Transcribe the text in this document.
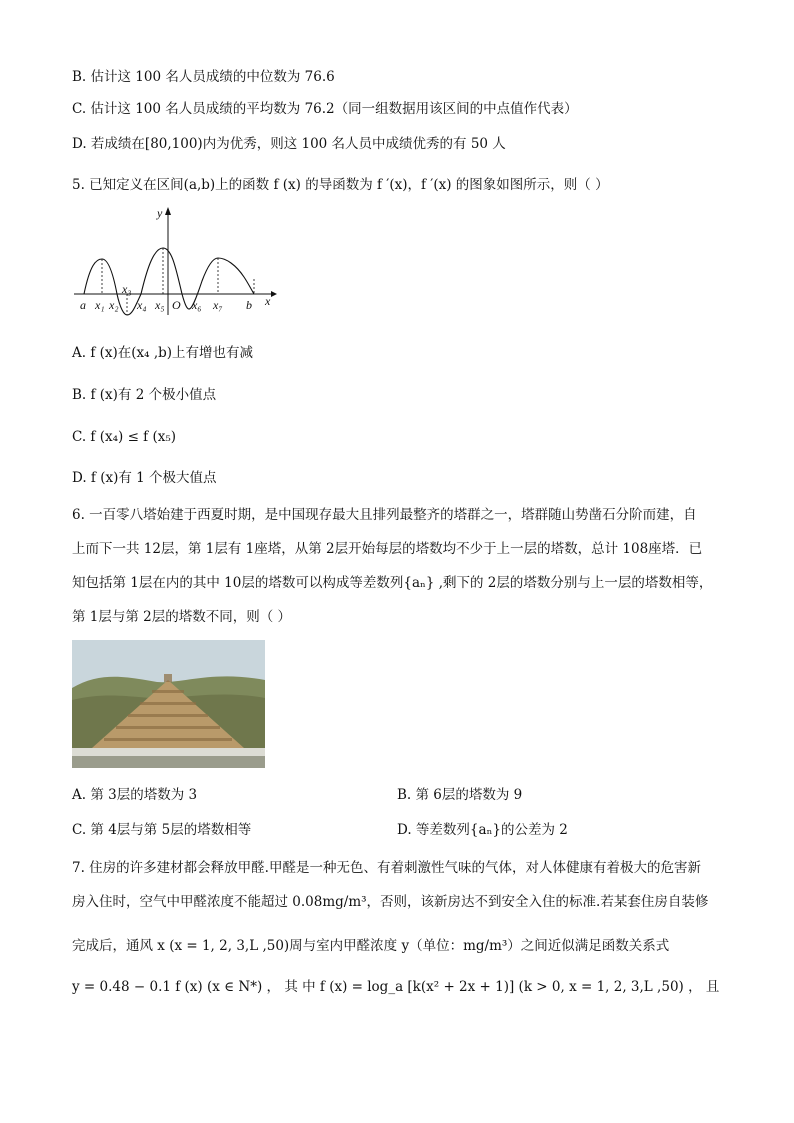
B. 估计这 100 名人员成绩的中位数为 76.6
C. 估计这 100 名人员成绩的平均数为 76.2（同一组数据用该区间的中点值作代表）
D. 若成绩在[80,100)内为优秀，则这 100 名人员中成绩优秀的有 50 人
5. 已知定义在区间(a,b)上的函数 f (x) 的导函数为 f ′(x)，f ′(x) 的图象如图所示，则（ ）
y
x
a x₁ x₂
x₃
x₄ x₅ O x₆ x₇ b
A. f (x)在(x₄ ,b)上有增也有减
B. f (x)有 2 个极小值点
C. f (x₄) ≤ f (x₅)
D. f (x)有 1 个极大值点
6. 一百零八塔始建于西夏时期，是中国现存最大且排列最整齐的塔群之一，塔群随山势凿石分阶而建，自
上而下一共 12层，第 1层有 1座塔，从第 2层开始每层的塔数均不少于上一层的塔数，总计 108座塔．已
知包括第 1层在内的其中 10层的塔数可以构成等差数列{aₙ} ,剩下的 2层的塔数分别与上一层的塔数相等，
第 1层与第 2层的塔数不同，则（ ）
A. 第 3层的塔数为 3	B. 第 6层的塔数为 9
C. 第 4层与第 5层的塔数相等	D. 等差数列{aₙ}的公差为 2
7. 住房的许多建材都会释放甲醛.甲醛是一种无色、有着刺激性气味的气体，对人体健康有着极大的危害新
房入住时，空气中甲醛浓度不能超过 0.08mg/m³，否则，该新房达不到安全入住的标准.若某套住房自装修
完成后，通风 x (x = 1, 2, 3,L ,50)周与室内甲醛浓度 y（单位：mg/m³）之间近似满足函数关系式
y = 0.48 − 0.1 f (x) (x ∈ N*) ， 其 中 f (x) = log_a [k(x² + 2x + 1)] (k > 0, x = 1, 2, 3,L ,50) ， 且
